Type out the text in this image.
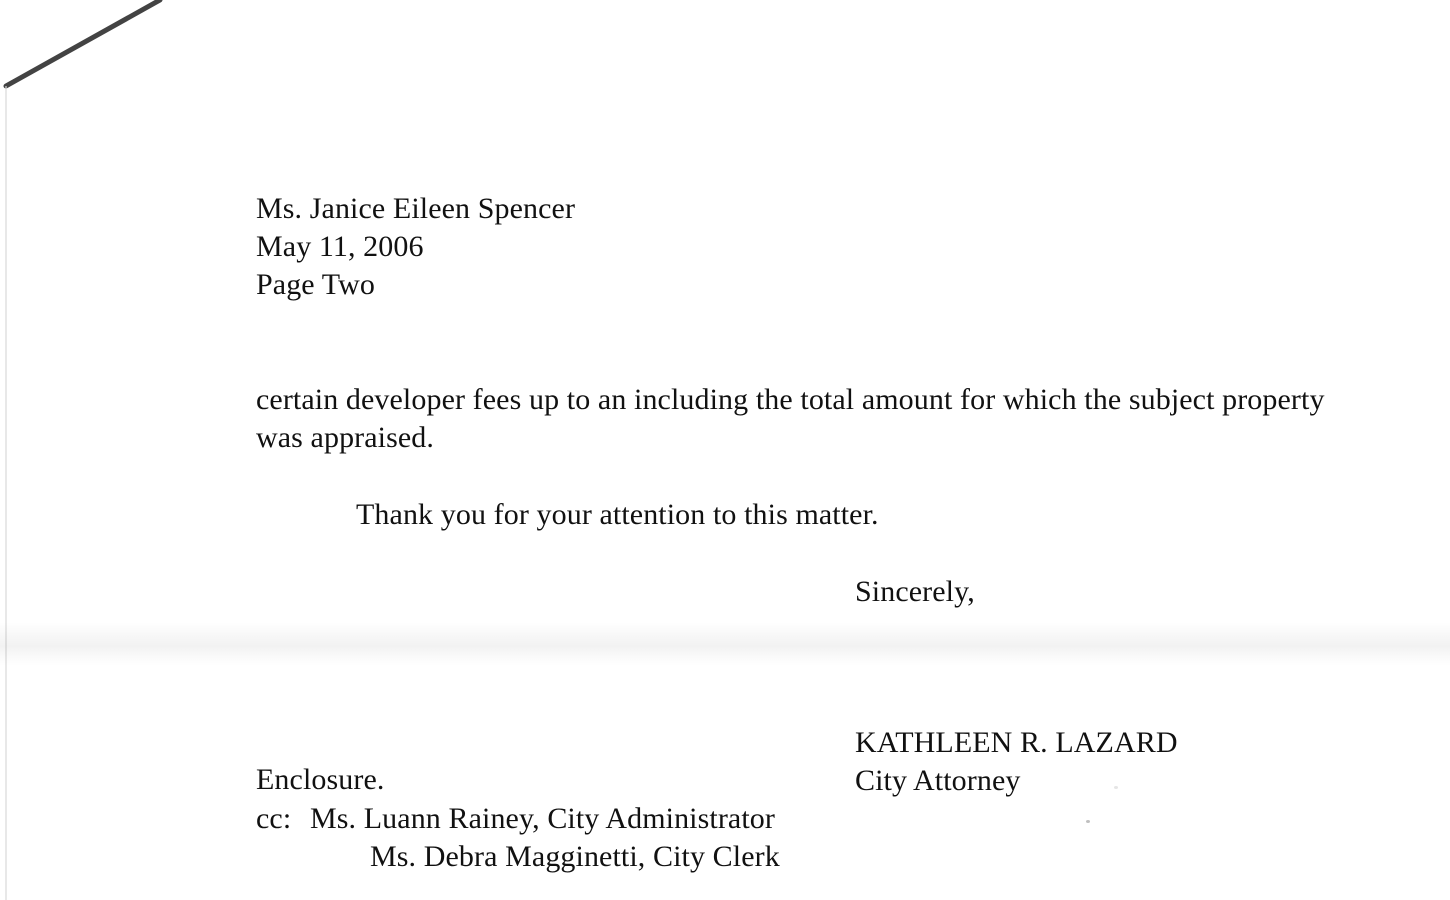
Ms. Janice Eileen Spencer
May 11, 2006
Page Two
certain developer fees up to an including the total amount for which the subject property
was appraised.
Thank you for your attention to this matter.
Sincerely,
KATHLEEN R. LAZARD
City Attorney
Enclosure.
cc: Ms. Luann Rainey, City Administrator
Ms. Debra Magginetti, City Clerk
